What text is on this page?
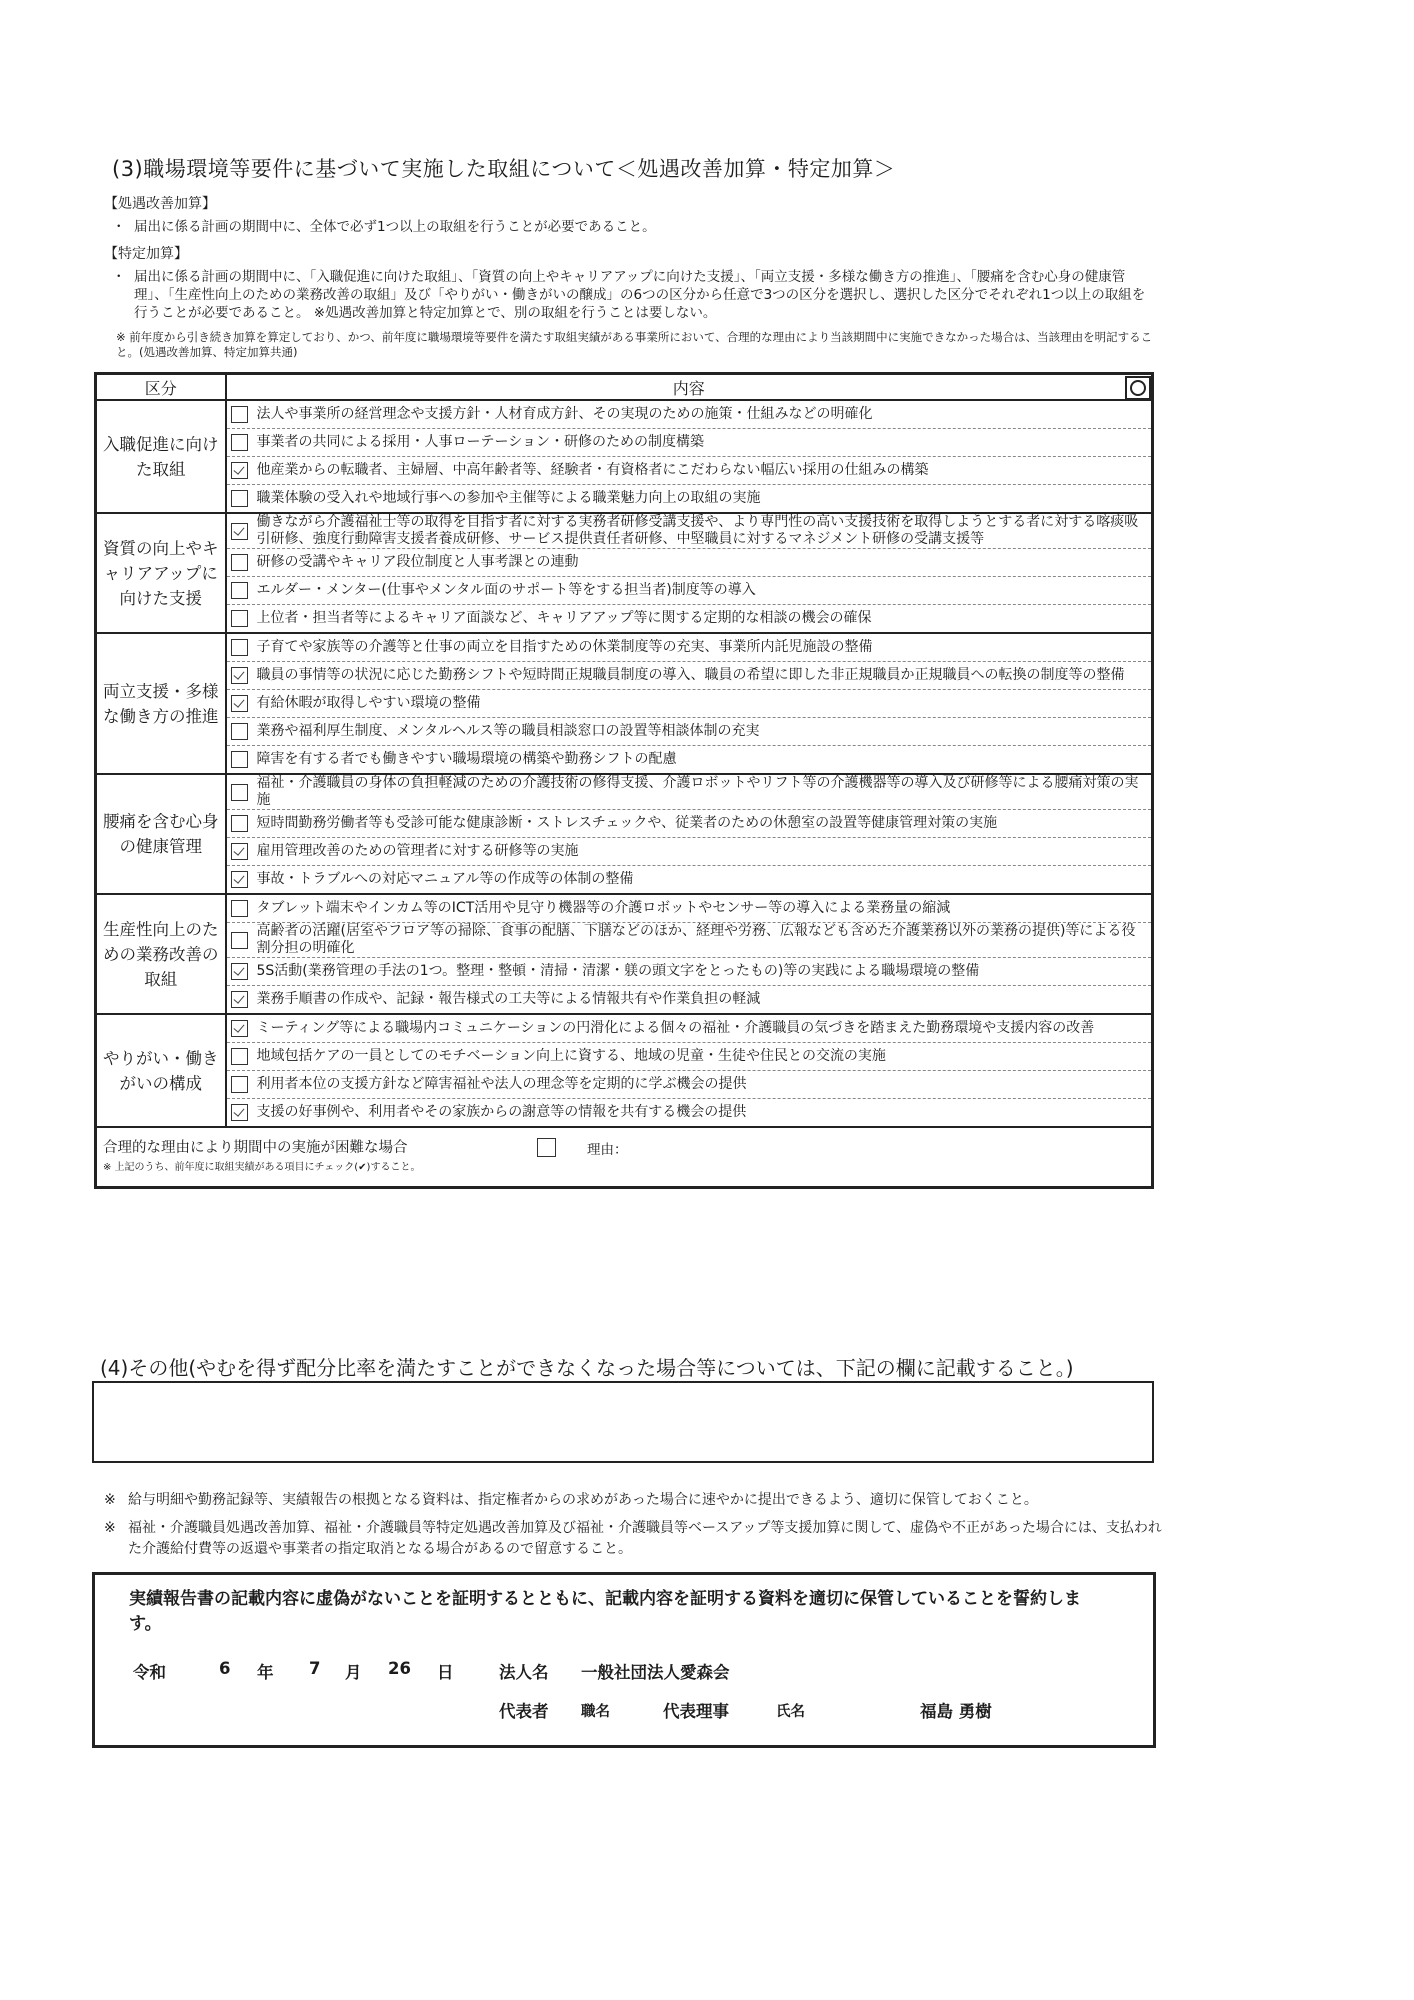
(3)職場環境等要件に基づいて実施した取組について＜処遇改善加算・特定加算＞
【処遇改善加算】
・ 届出に係る計画の期間中に、全体で必ず1つ以上の取組を行うことが必要であること。
【特定加算】
・ 届出に係る計画の期間中に、「入職促進に向けた取組」、「資質の向上やキャリアアップに向けた支援」、「両立支援・多様な働き方の推進」、「腰痛を含む心身の健康管理」、「生産性向上のための業務改善の取組」及び「やりがい・働きがいの醸成」の6つの区分から任意で3つの区分を選択し、選択した区分でそれぞれ1つ以上の取組を行うことが必要であること。 ※処遇改善加算と特定加算とで、別の取組を行うことは要しない。
※ 前年度から引き続き加算を算定しており、かつ、前年度に職場環境等要件を満たす取組実績がある事業所において、合理的な理由により当該期間中に実施できなかった場合は、当該理由を明記すること。(処遇改善加算、特定加算共通)
区分	内容

入職促進に向けた取組	法人や事業所の経営理念や支援方針・人材育成方針、その実現のための施策・仕組みなどの明確化

	事業者の共同による採用・人事ローテーション・研修のための制度構築

	他産業からの転職者、主婦層、中高年齢者等、経験者・有資格者にこだわらない幅広い採用の仕組みの構築

	職業体験の受入れや地域行事への参加や主催等による職業魅力向上の取組の実施

資質の向上やキャリアアップに向けた支援	働きながら介護福祉士等の取得を目指す者に対する実務者研修受講支援や、より専門性の高い支援技術を取得しようとする者に対する喀痰吸引研修、強度行動障害支援者養成研修、サービス提供責任者研修、中堅職員に対するマネジメント研修の受講支援等

	研修の受講やキャリア段位制度と人事考課との連動

	エルダー・メンター(仕事やメンタル面のサポート等をする担当者)制度等の導入

	上位者・担当者等によるキャリア面談など、キャリアアップ等に関する定期的な相談の機会の確保

両立支援・多様な働き方の推進	子育てや家族等の介護等と仕事の両立を目指すための休業制度等の充実、事業所内託児施設の整備

	職員の事情等の状況に応じた勤務シフトや短時間正規職員制度の導入、職員の希望に即した非正規職員か正規職員への転換の制度等の整備

	有給休暇が取得しやすい環境の整備

	業務や福利厚生制度、メンタルヘルス等の職員相談窓口の設置等相談体制の充実

	障害を有する者でも働きやすい職場環境の構築や勤務シフトの配慮

腰痛を含む心身の健康管理	福祉・介護職員の身体の負担軽減のための介護技術の修得支援、介護ロボットやリフト等の介護機器等の導入及び研修等による腰痛対策の実施

	短時間勤務労働者等も受診可能な健康診断・ストレスチェックや、従業者のための休憩室の設置等健康管理対策の実施

	雇用管理改善のための管理者に対する研修等の実施

	事故・トラブルへの対応マニュアル等の作成等の体制の整備

生産性向上のための業務改善の取組	タブレット端末やインカム等のICT活用や見守り機器等の介護ロボットやセンサー等の導入による業務量の縮減

	高齢者の活躍(居室やフロア等の掃除、食事の配膳、下膳などのほか、経理や労務、広報なども含めた介護業務以外の業務の提供)等による役割分担の明確化

	5S活動(業務管理の手法の1つ。整理・整頓・清掃・清潔・躾の頭文字をとったもの)等の実践による職場環境の整備

	業務手順書の作成や、記録・報告様式の工夫等による情報共有や作業負担の軽減

やりがい・働きがいの構成	ミーティング等による職場内コミュニケーションの円滑化による個々の福祉・介護職員の気づきを踏まえた勤務環境や支援内容の改善

	地域包括ケアの一員としてのモチベーション向上に資する、地域の児童・生徒や住民との交流の実施

	利用者本位の支援方針など障害福祉や法人の理念等を定期的に学ぶ機会の提供

	支援の好事例や、利用者やその家族からの謝意等の情報を共有する機会の提供

合理的な理由により期間中の実施が困難な場合
※ 上記のうち、前年度に取組実績がある項目にチェック(✔)すること。
理由：	
(4)その他(やむを得ず配分比率を満たすことができなくなった場合等については、下記の欄に記載すること。)
※ 給与明細や勤務記録等、実績報告の根拠となる資料は、指定権者からの求めがあった場合に速やかに提出できるよう、適切に保管しておくこと。
※ 福祉・介護職員処遇改善加算、福祉・介護職員等特定処遇改善加算及び福祉・介護職員等ベースアップ等支援加算に関して、虚偽や不正があった場合には、支払われた介護給付費等の返還や事業者の指定取消となる場合があるので留意すること。
実績報告書の記載内容に虚偽がないことを証明するとともに、記載内容を証明する資料を適切に保管していることを誓約します。
令和	6 年 7 月 26 日	法人名 一般社団法人愛森会
代表者 職名	代表理事	氏名	福島 勇樹
